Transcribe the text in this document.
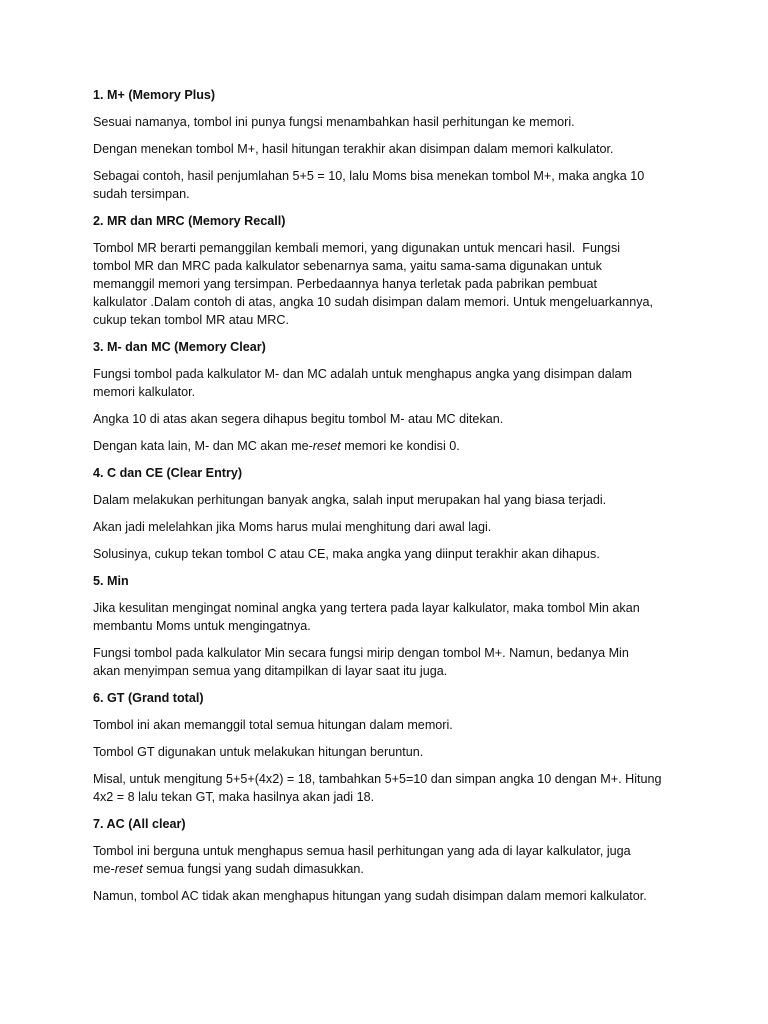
1. M+ (Memory Plus)
Sesuai namanya, tombol ini punya fungsi menambahkan hasil perhitungan ke memori.
Dengan menekan tombol M+, hasil hitungan terakhir akan disimpan dalam memori kalkulator.
Sebagai contoh, hasil penjumlahan 5+5 = 10, lalu Moms bisa menekan tombol M+, maka angka 10
sudah tersimpan.
2. MR dan MRC (Memory Recall)
Tombol MR berarti pemanggilan kembali memori, yang digunakan untuk mencari hasil.  Fungsi
tombol MR dan MRC pada kalkulator sebenarnya sama, yaitu sama-sama digunakan untuk
memanggil memori yang tersimpan. Perbedaannya hanya terletak pada pabrikan pembuat
kalkulator .Dalam contoh di atas, angka 10 sudah disimpan dalam memori. Untuk mengeluarkannya,
cukup tekan tombol MR atau MRC.
3. M- dan MC (Memory Clear)
Fungsi tombol pada kalkulator M- dan MC adalah untuk menghapus angka yang disimpan dalam
memori kalkulator.
Angka 10 di atas akan segera dihapus begitu tombol M- atau MC ditekan.
Dengan kata lain, M- dan MC akan me-reset memori ke kondisi 0.
4. C dan CE (Clear Entry)
Dalam melakukan perhitungan banyak angka, salah input merupakan hal yang biasa terjadi.
Akan jadi melelahkan jika Moms harus mulai menghitung dari awal lagi.
Solusinya, cukup tekan tombol C atau CE, maka angka yang diinput terakhir akan dihapus.
5. Min
Jika kesulitan mengingat nominal angka yang tertera pada layar kalkulator, maka tombol Min akan
membantu Moms untuk mengingatnya.
Fungsi tombol pada kalkulator Min secara fungsi mirip dengan tombol M+. Namun, bedanya Min
akan menyimpan semua yang ditampilkan di layar saat itu juga.
6. GT (Grand total)
Tombol ini akan memanggil total semua hitungan dalam memori.
Tombol GT digunakan untuk melakukan hitungan beruntun.
Misal, untuk mengitung 5+5+(4x2) = 18, tambahkan 5+5=10 dan simpan angka 10 dengan M+. Hitung
4x2 = 8 lalu tekan GT, maka hasilnya akan jadi 18.
7. AC (All clear)
Tombol ini berguna untuk menghapus semua hasil perhitungan yang ada di layar kalkulator, juga
me-reset semua fungsi yang sudah dimasukkan.
Namun, tombol AC tidak akan menghapus hitungan yang sudah disimpan dalam memori kalkulator.
